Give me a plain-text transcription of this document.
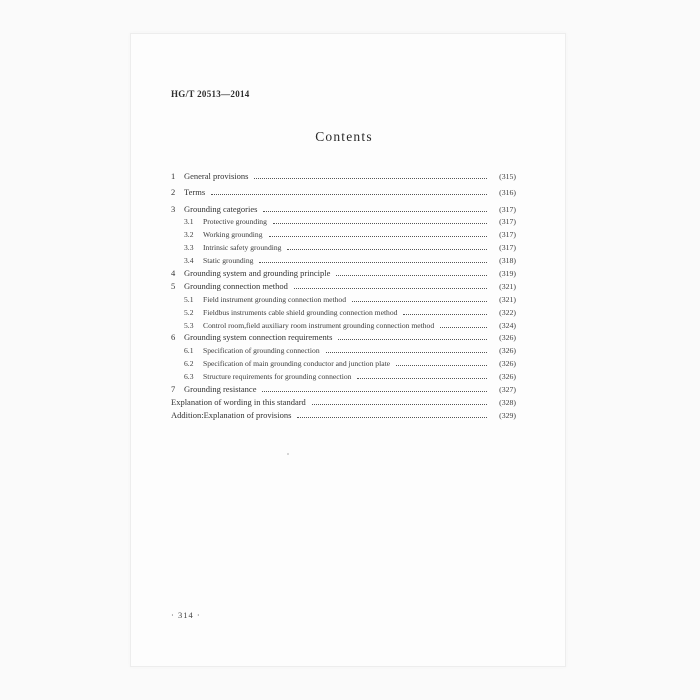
HG/T 20513—2014
Contents
1	General provisions	(315)
2	Terms	(316)
3	Grounding categories	(317)
3.1	Protective grounding	(317)
3.2	Working grounding	(317)
3.3	Intrinsic safety grounding	(317)
3.4	Static grounding	(318)
4	Grounding system and grounding principle	(319)
5	Grounding connection method	(321)
5.1	Field instrument grounding connection method	(321)
5.2	Fieldbus instruments cable shield grounding connection method	(322)
5.3	Control room,field auxiliary room instrument grounding connection method	(324)
6	Grounding system connection requirements	(326)
6.1	Specification of grounding connection	(326)
6.2	Specification of main grounding conductor and junction plate	(326)
6.3	Structure requirements for grounding connection	(326)
7	Grounding resistance	(327)
Explanation of wording in this standard	(328)
Addition:Explanation of provisions	(329)
· 314 ·
